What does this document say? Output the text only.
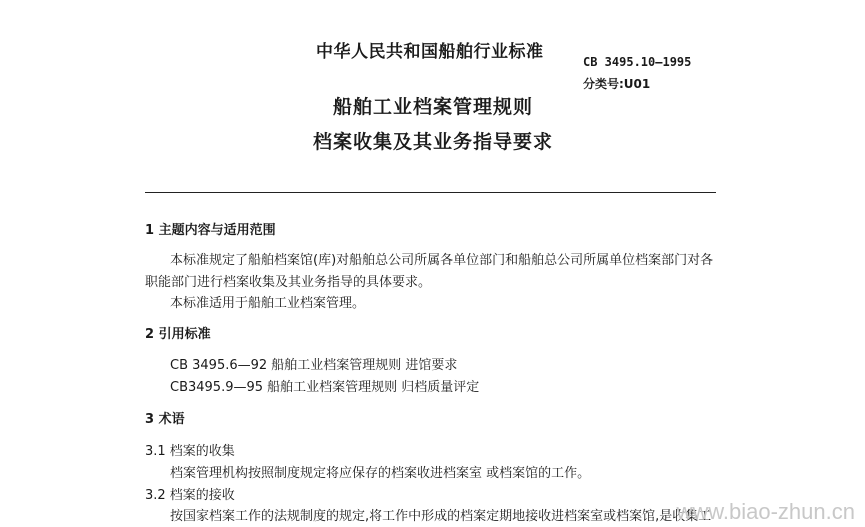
中华人民共和国船舶行业标准	CB 3495.10—1995
分类号:U01
船舶工业档案管理规则
档案收集及其业务指导要求
1 主题内容与适用范围
本标准规定了船舶档案馆(库)对船舶总公司所属各单位部门和船舶总公司所属单位档案部门对各
职能部门进行档案收集及其业务指导的具体要求。
本标准适用于船舶工业档案管理。
2 引用标准
CB 3495.6—92 船舶工业档案管理规则 进馆要求
CB3495.9—95 船舶工业档案管理规则 归档质量评定
3 术语
3.1 档案的收集
档案管理机构按照制度规定将应保存的档案收进档案室 或档案馆的工作。
3.2 档案的接收
按国家档案工作的法规制度的规定,将工作中形成的档案定期地接收进档案室或档案馆,是收集工
www.biao-zhun.cn
